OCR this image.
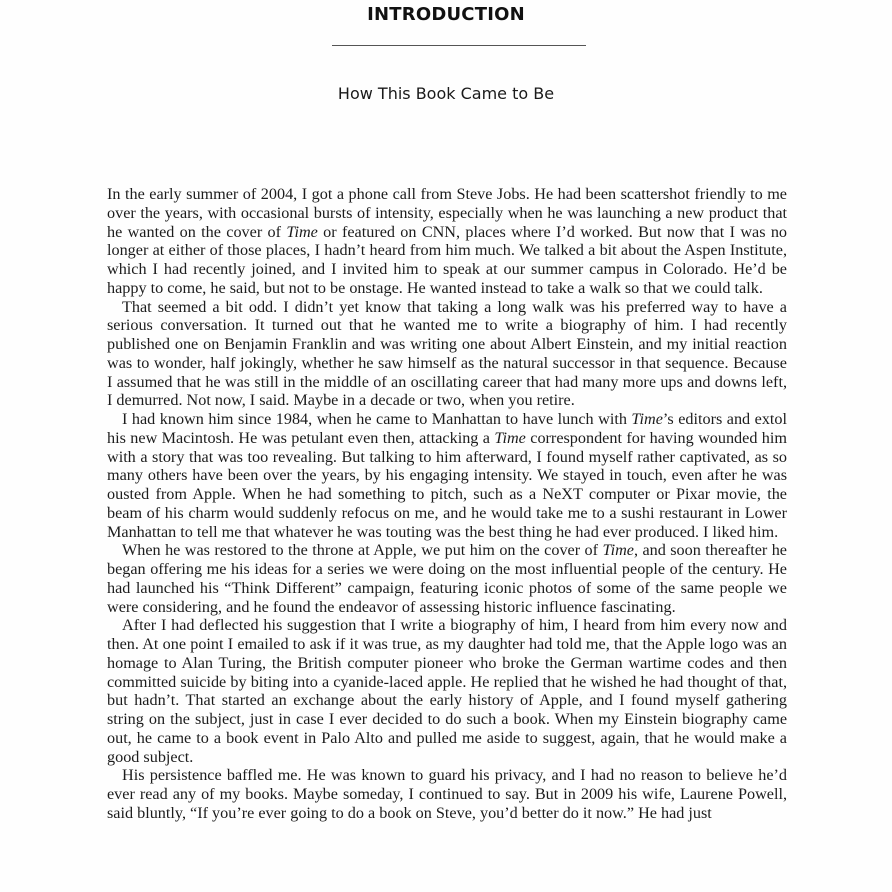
INTRODUCTION
How This Book Came to Be

In the early summer of 2004, I got a phone call from Steve Jobs. He had been scattershot friendly to me over the years, with occasional bursts of intensity, especially when he was launching a new product that he wanted on the cover of Time or featured on CNN, places where I’d worked. But now that I was no longer at either of those places, I hadn’t heard from him much. We talked a bit about the Aspen Institute, which I had recently joined, and I invited him to speak at our summer campus in Colorado. He’d be happy to come, he said, but not to be onstage. He wanted instead to take a walk so that we could talk.

That seemed a bit odd. I didn’t yet know that taking a long walk was his preferred way to have a serious conversation. It turned out that he wanted me to write a biography of him. I had recently published one on Benjamin Franklin and was writing one about Albert Einstein, and my initial reaction was to wonder, half jokingly, whether he saw himself as the natural successor in that sequence. Because I assumed that he was still in the middle of an oscillating career that had many more ups and downs left, I demurred. Not now, I said. Maybe in a decade or two, when you retire.

I had known him since 1984, when he came to Manhattan to have lunch with Time’s editors and extol his new Macintosh. He was petulant even then, attacking a Time correspondent for having wounded him with a story that was too revealing. But talking to him afterward, I found myself rather captivated, as so many others have been over the years, by his engaging intensity. We stayed in touch, even after he was ousted from Apple. When he had something to pitch, such as a NeXT computer or Pixar movie, the beam of his charm would suddenly refocus on me, and he would take me to a sushi restaurant in Lower Manhattan to tell me that whatever he was touting was the best thing he had ever produced. I liked him.

When he was restored to the throne at Apple, we put him on the cover of Time, and soon thereafter he began offering me his ideas for a series we were doing on the most influential people of the century. He had launched his “Think Different” campaign, featuring iconic photos of some of the same people we were considering, and he found the endeavor of assessing historic influence fascinating.

After I had deflected his suggestion that I write a biography of him, I heard from him every now and then. At one point I emailed to ask if it was true, as my daughter had told me, that the Apple logo was an homage to Alan Turing, the British computer pioneer who broke the German wartime codes and then committed suicide by biting into a cyanide-laced apple. He replied that he wished he had thought of that, but hadn’t. That started an exchange about the early history of Apple, and I found myself gathering string on the subject, just in case I ever decided to do such a book. When my Einstein biography came out, he came to a book event in Palo Alto and pulled me aside to suggest, again, that he would make a good subject.

His persistence baffled me. He was known to guard his privacy, and I had no reason to believe he’d ever read any of my books. Maybe someday, I continued to say. But in 2009 his wife, Laurene Powell, said bluntly, “If you’re ever going to do a book on Steve, you’d better do it now.” He had just
